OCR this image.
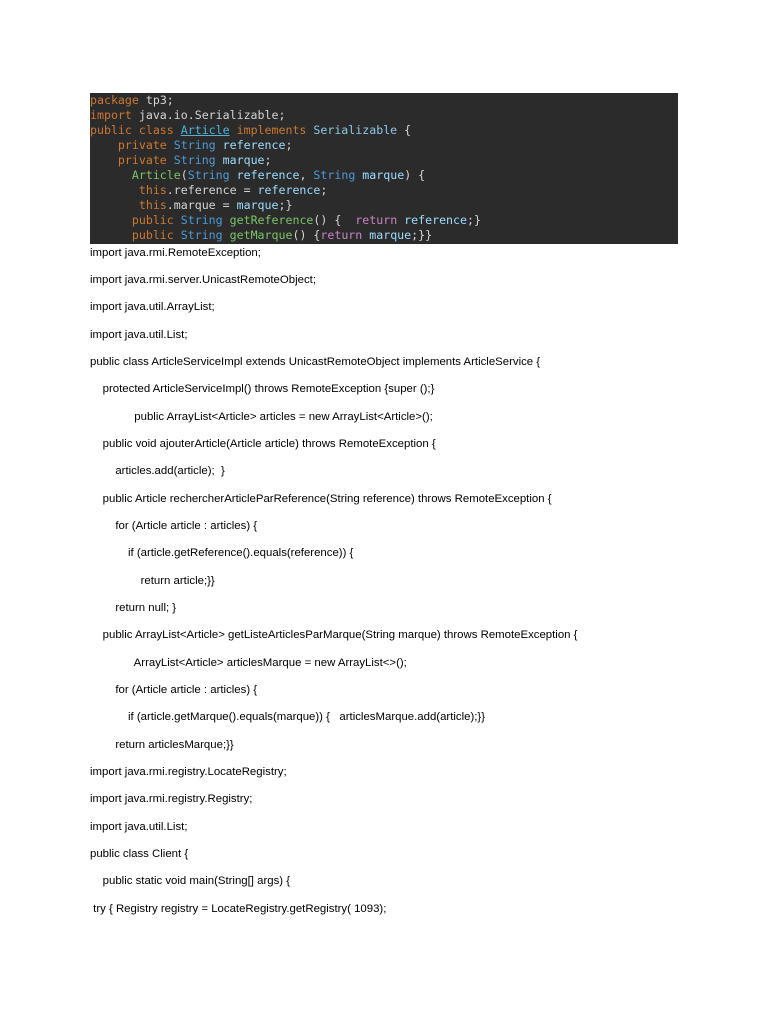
package tp3;
import java.io.Serializable;
public class Article implements Serializable {
private String reference;
private String marque;
Article(String reference, String marque) {
this.reference = reference;
this.marque = marque;}
public String getReference() {  return reference;}
public String getMarque() {return marque;}}
import java.rmi.RemoteException;
import java.rmi.server.UnicastRemoteObject;
import java.util.ArrayList;
import java.util.List;
public class ArticleServiceImpl extends UnicastRemoteObject implements ArticleService {
protected ArticleServiceImpl() throws RemoteException {super ();}
public ArrayList<Article> articles = new ArrayList<Article>();
public void ajouterArticle(Article article) throws RemoteException {
articles.add(article);  }
public Article rechercherArticleParReference(String reference) throws RemoteException {
for (Article article : articles) {
if (article.getReference().equals(reference)) {
return article;}}
return null; }
public ArrayList<Article> getListeArticlesParMarque(String marque) throws RemoteException {
ArrayList<Article> articlesMarque = new ArrayList<>();
for (Article article : articles) {
if (article.getMarque().equals(marque)) {   articlesMarque.add(article);}}
return articlesMarque;}}
import java.rmi.registry.LocateRegistry;
import java.rmi.registry.Registry;
import java.util.List;
public class Client {
public static void main(String[] args) {
try { Registry registry = LocateRegistry.getRegistry( 1093);
